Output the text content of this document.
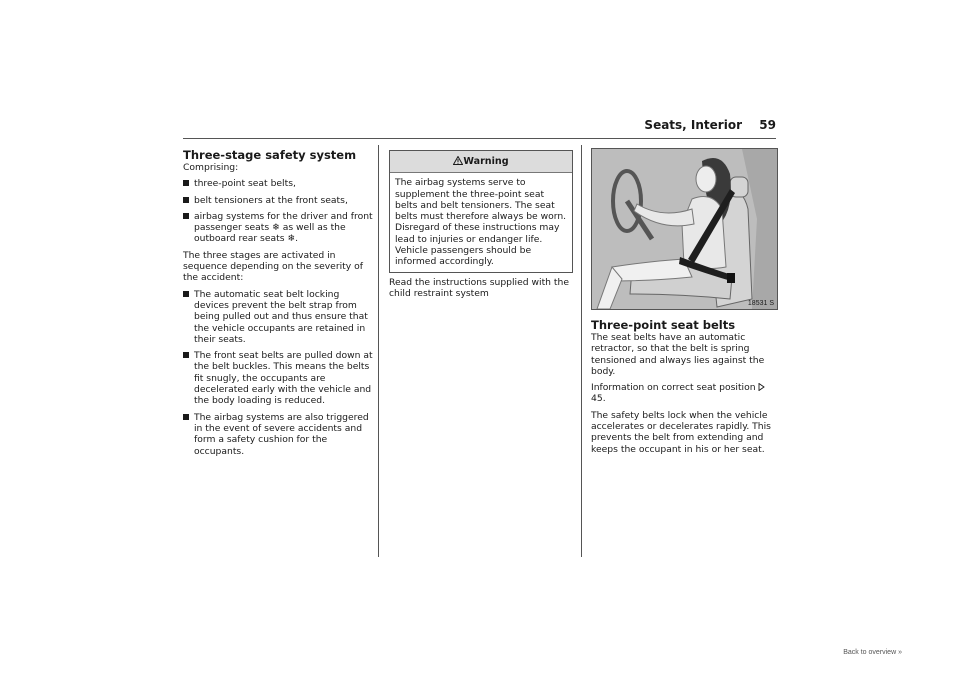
Seats, Interior 59
Three-stage safety system

Comprising:

three-point seat belts,
belt tensioners at the front seats,
airbag systems for the driver and front passenger seats ❄ as well as the outboard rear seats ❄.

The three stages are activated in sequence depending on the severity of the accident:

The automatic seat belt locking devices prevent the belt strap from being pulled out and thus ensure that the vehicle occupants are retained in their seats.
The front seat belts are pulled down at the belt buckles. This means the belts fit snugly, the occupants are decelerated early with the vehicle and the body loading is reduced.
The airbag systems are also triggered in the event of severe accidents and form a safety cushion for the occupants.
Warning
The airbag systems serve to supplement the three-point seat belts and belt tensioners. The seat belts must therefore always be worn. Disregard of these instructions may lead to injuries or endanger life. Vehicle passengers should be informed accordingly.

Read the instructions supplied with the child restraint system

18531 S
Three-point seat belts

The seat belts have an automatic retractor, so that the belt is spring tensioned and always lies against the body.

Information on correct seat position  45.

The safety belts lock when the vehicle accelerates or decelerates rapidly. This prevents the belt from extending and keeps the occupant in his or her seat.

Back to overview »
